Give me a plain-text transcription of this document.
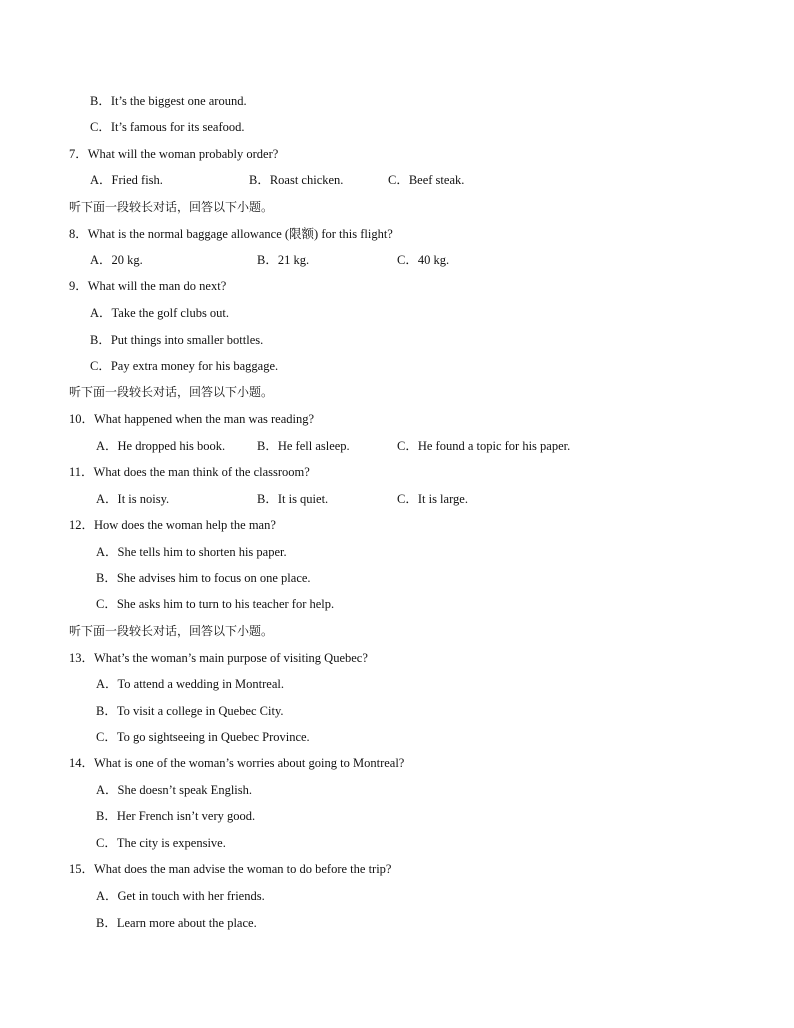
B．It’s the biggest one around.
C．It’s famous for its seafood.
7．What will the woman probably order?
A．Fried fish.	B．Roast chicken.	C．Beef steak.
听下面一段较长对话，回答以下小题。
8．What is the normal baggage allowance (限额) for this flight?
A．20 kg.	B．21 kg.	C．40 kg.
9．What will the man do next?
A．Take the golf clubs out.
B．Put things into smaller bottles.
C．Pay extra money for his baggage.
听下面一段较长对话，回答以下小题。
10．What happened when the man was reading?
A．He dropped his book.	B．He fell asleep.	C．He found a topic for his paper.
11．What does the man think of the classroom?
A．It is noisy.	B．It is quiet.	C．It is large.
12．How does the woman help the man?
A．She tells him to shorten his paper.
B．She advises him to focus on one place.
C．She asks him to turn to his teacher for help.
听下面一段较长对话，回答以下小题。
13．What’s the woman’s main purpose of visiting Quebec?
A．To attend a wedding in Montreal.
B．To visit a college in Quebec City.
C．To go sightseeing in Quebec Province.
14．What is one of the woman’s worries about going to Montreal?
A．She doesn’t speak English.
B．Her French isn’t very good.
C．The city is expensive.
15．What does the man advise the woman to do before the trip?
A．Get in touch with her friends.
B．Learn more about the place.
